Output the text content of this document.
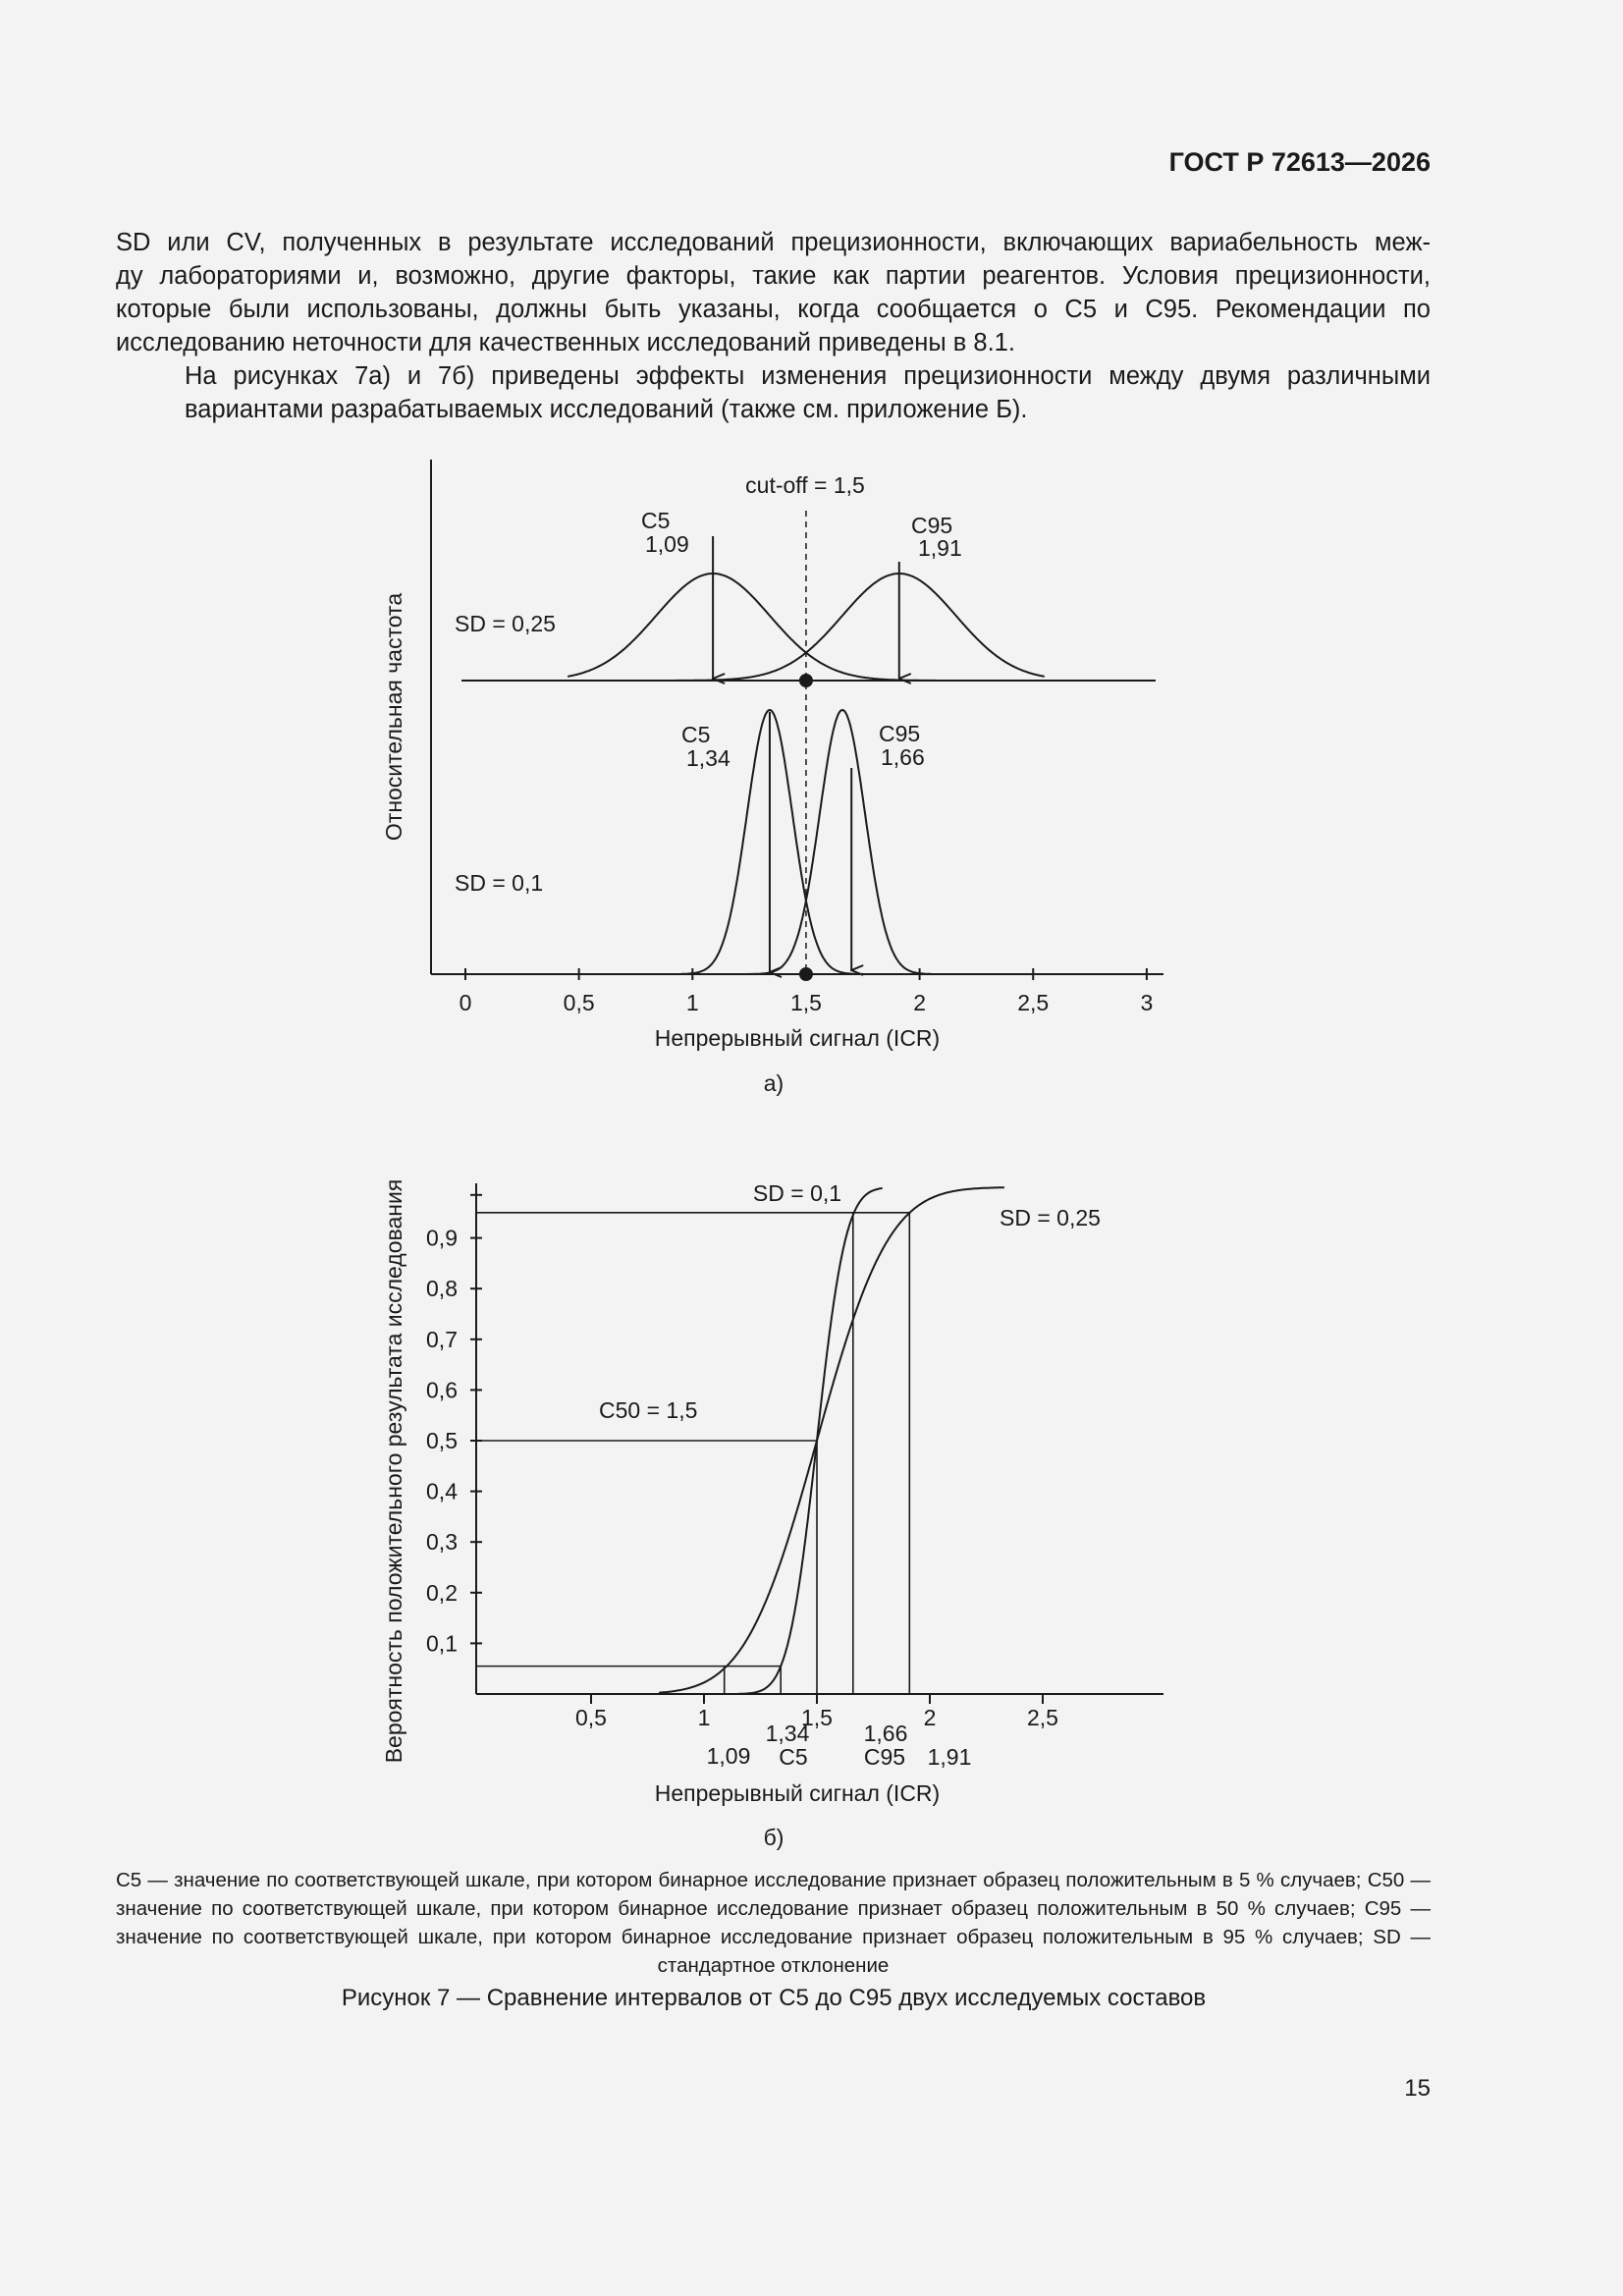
ГОСТ Р 72613—2026

SD или CV, полученных в результате исследований прецизионности, включающих вариабельность меж-
ду лабораториями и, возможно, другие факторы, такие как партии реагентов. Условия прецизионности,
которые были использованы, должны быть указаны, когда сообщается о С5 и С95. Рекомендации по
исследованию неточности для качественных исследований приведены в 8.1.

На рисунках 7а) и 7б) приведены эффекты изменения прецизионности между двумя различными
вариантами разрабатываемых исследований (также см. приложение Б).

0	0,5	1	1,5	2	2,5	3
cut-off = 1,5
SD = 0,25
SD = 0,1
С5
1,09
С95
1,91
С5
1,34
С95
1,66
Непрерывный сигнал (ICR)
Относительная частота
а)
0,5	1	1,5	2	2,5
0,1
0,2
0,3
0,4
0,5
0,6
0,7
0,8
0,9
SD = 0,1
SD = 0,25
С50 = 1,5
1,09
1,34
С5
1,66
С95 1,91
Непрерывный сигнал (ICR)
Вероятность положительного результата исследования
б)
С5 — значение по соответствующей шкале, при котором бинарное исследование признает образец положительным в 5 % случаев; С50 — значение по соответствующей шкале, при котором бинарное исследование признает образец положительным в 50 % случаев; С95 — значение по соответствующей шкале, при котором бинарное исследование признает образец положительным в 95 % случаев; SD — стандартное отклонение
Рисунок 7 — Сравнение интервалов от С5 до С95 двух исследуемых составов
15
